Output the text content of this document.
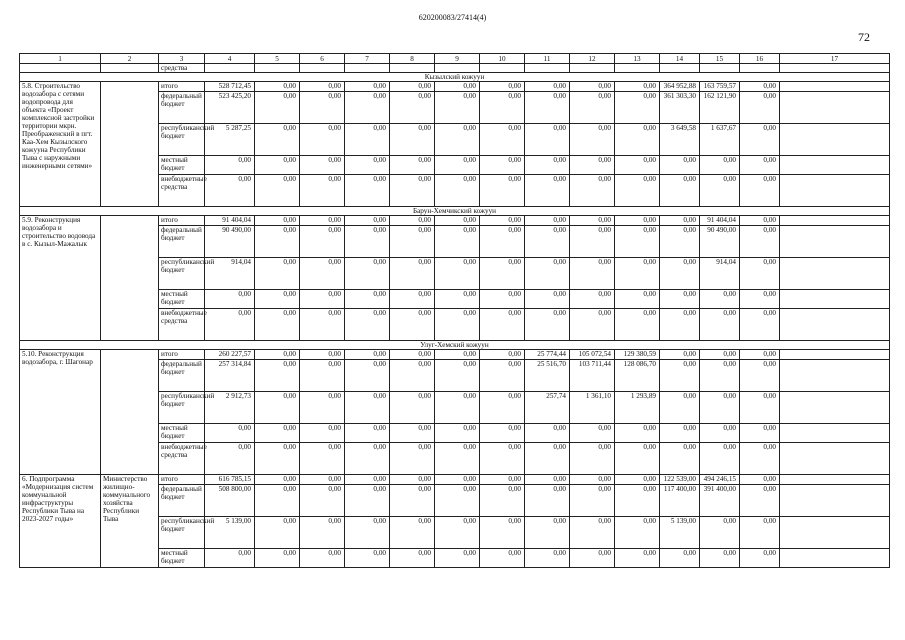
620200083/27414(4)
72
1	2	3	4	5	6	7	8	9	10	11	12	13	14	15	16	17
		средства														
Кызылский кожуун																
5.8. Строительство водозабора с сетями водопровода для объекта «Проект комплексной застройки территории мкрн. Преображенский в пгт. Каа-Хем Кызылского кожууна Республики Тыва с наружными инженерными сетями»		итого	528 712,45	0,00	0,00	0,00	0,00	0,00	0,00	0,00	0,00	0,00	364 952,88	163 759,57	0,00	
		федеральный бюджет	523 425,20	0,00	0,00	0,00	0,00	0,00	0,00	0,00	0,00	0,00	361 303,30	162 121,90	0,00	
		республиканский бюджет	5 287,25	0,00	0,00	0,00	0,00	0,00	0,00	0,00	0,00	0,00	3 649,58	1 637,67	0,00	
		местный бюджет	0,00	0,00	0,00	0,00	0,00	0,00	0,00	0,00	0,00	0,00	0,00	0,00	0,00	
		внебюджетные средства	0,00	0,00	0,00	0,00	0,00	0,00	0,00	0,00	0,00	0,00	0,00	0,00	0,00	
Барун-Хемчикский кожуун																
5.9. Реконструкция водозабора и строительство водовода в с. Кызыл-Мажалык		итого	91 404,04	0,00	0,00	0,00	0,00	0,00	0,00	0,00	0,00	0,00	0,00	91 404,04	0,00	
		федеральный бюджет	90 490,00	0,00	0,00	0,00	0,00	0,00	0,00	0,00	0,00	0,00	0,00	90 490,00	0,00	
		республиканский бюджет	914,04	0,00	0,00	0,00	0,00	0,00	0,00	0,00	0,00	0,00	0,00	914,04	0,00	
		местный бюджет	0,00	0,00	0,00	0,00	0,00	0,00	0,00	0,00	0,00	0,00	0,00	0,00	0,00	
		внебюджетные средства	0,00	0,00	0,00	0,00	0,00	0,00	0,00	0,00	0,00	0,00	0,00	0,00	0,00	
Улуг-Хемский кожуун																
5.10. Реконструкция водозабора, г. Шагонар		итого	260 227,57	0,00	0,00	0,00	0,00	0,00	0,00	25 774,44	105 072,54	129 380,59	0,00	0,00	0,00	
		федеральный бюджет	257 314,84	0,00	0,00	0,00	0,00	0,00	0,00	25 516,70	103 711,44	128 086,70	0,00	0,00	0,00	
		республиканский бюджет	2 912,73	0,00	0,00	0,00	0,00	0,00	0,00	257,74	1 361,10	1 293,89	0,00	0,00	0,00	
		местный бюджет	0,00	0,00	0,00	0,00	0,00	0,00	0,00	0,00	0,00	0,00	0,00	0,00	0,00	
		внебюджетные средства	0,00	0,00	0,00	0,00	0,00	0,00	0,00	0,00	0,00	0,00	0,00	0,00	0,00	
6. Подпрограмма «Модернизация систем коммунальной инфраструктуры Республики Тыва на 2023-2027 годы»	Министерство жилищно-коммунального хозяйства Республики Тыва	итого	616 785,15	0,00	0,00	0,00	0,00	0,00	0,00	0,00	0,00	0,00	122 539,00	494 246,15	0,00	
		федеральный бюджет	508 800,00	0,00	0,00	0,00	0,00	0,00	0,00	0,00	0,00	0,00	117 400,00	391 400,00	0,00	
		республиканский бюджет	5 139,00	0,00	0,00	0,00	0,00	0,00	0,00	0,00	0,00	0,00	5 139,00	0,00	0,00	
		местный бюджет	0,00	0,00	0,00	0,00	0,00	0,00	0,00	0,00	0,00	0,00	0,00	0,00	0,00	
